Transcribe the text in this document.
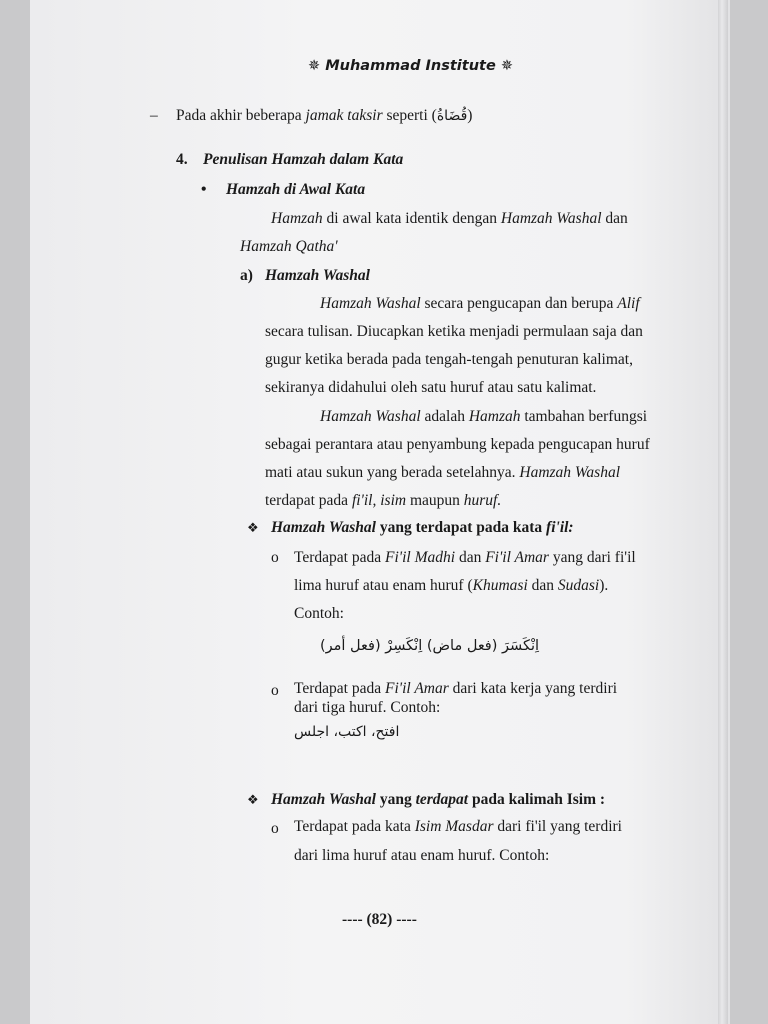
✵ Muhammad Institute ✵
– Pada akhir beberapa jamak taksir seperti (قُضَاةُ)
4. Penulisan Hamzah dalam Kata
• Hamzah di Awal Kata
Hamzah di awal kata identik dengan Hamzah Washal dan
Hamzah Qatha'
a) Hamzah Washal
Hamzah Washal secara pengucapan dan berupa Alif
secara tulisan. Diucapkan ketika menjadi permulaan saja dan
gugur ketika berada pada tengah-tengah penuturan kalimat,
sekiranya didahului oleh satu huruf atau satu kalimat.
Hamzah Washal adalah Hamzah tambahan berfungsi
sebagai perantara atau penyambung kepada pengucapan huruf
mati atau sukun yang berada setelahnya. Hamzah Washal
terdapat pada fi'il, isim maupun huruf.
❖ Hamzah Washal yang terdapat pada kata fi'il:
o Terdapat pada Fi'il Madhi dan Fi'il Amar yang dari fi'il
lima huruf atau enam huruf (Khumasi dan Sudasi).
Contoh:
اِنْكَسَرَ (فعل ماض) اِنْكَسِرْ (فعل أمر)
o Terdapat pada Fi'il Amar dari kata kerja yang terdiri
dari tiga huruf. Contoh:
افتح، اكتب، اجلس
❖ Hamzah Washal yang terdapat pada kalimah Isim :
o Terdapat pada kata Isim Masdar dari fi'il yang terdiri
dari lima huruf atau enam huruf. Contoh:
---- (82) ----
